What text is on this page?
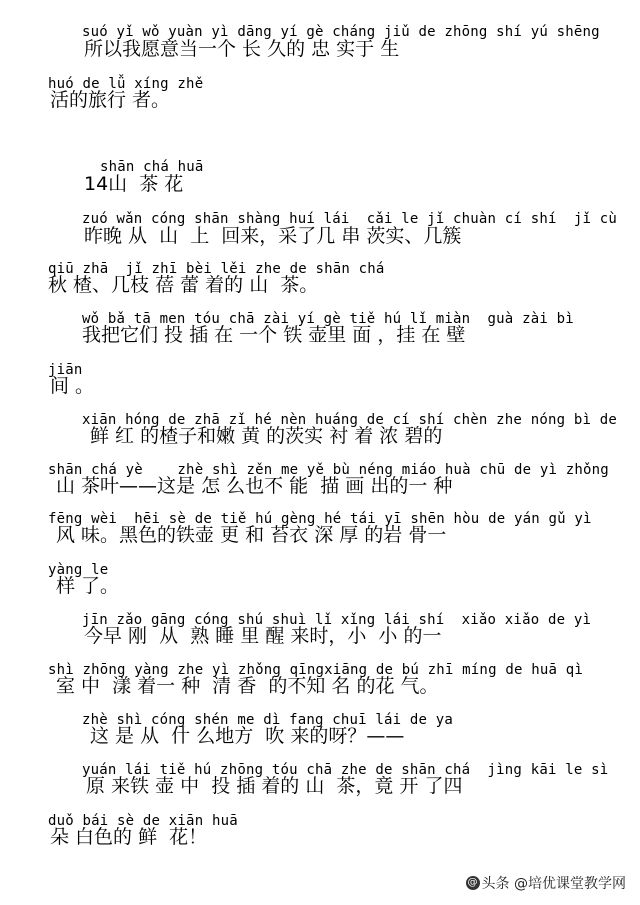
suó yǐ wǒ yuàn yì dāng yí gè cháng jiǔ de zhōng shí yú shēng
所以我愿意当一个 长 久的 忠 实于 生
huó de lǚ xíng zhě
活的旅行 者。
shān chá huā
14山  茶 花
zuó wǎn cóng shān shàng huí lái  cǎi le jǐ chuàn cí shí  jǐ cù
昨晚 从  山  上  回来，采了几 串 茨实、几簇
qiū zhā  jǐ zhī bèi lěi zhe de shān chá
秋 楂、几枝 蓓 蕾 着的 山  茶。
wǒ bǎ tā men tóu chā zài yí gè tiě hú lǐ miàn  guà zài bì
我把它们 投 插 在 一个 铁 壶里 面 ，挂 在 壁
jiān
间 。
xiān hóng de zhā zǐ hé nèn huáng de cí shí chèn zhe nóng bì de
鲜 红 的楂子和嫩 黄 的茨实 衬 着 浓 碧的
shān chá yè    zhè shì zěn me yě bù néng miáo huà chū de yì zhǒng
山 茶叶——这是 怎 么也不 能  描 画 出的一 种
fēng wèi  hēi sè de tiě hú gèng hé tái yī shēn hòu de yán gǔ yì
风 味。黑色的铁壶 更 和 苔衣 深 厚 的岩 骨一
yàng le
样 了。
jīn zǎo gāng cóng shú shuì lǐ xǐng lái shí  xiǎo xiǎo de yì
今早 刚  从  熟 睡 里 醒 来时，小  小 的一
shì zhōng yàng zhe yì zhǒng qīngxiāng de bú zhī míng de huā qì
室 中  漾 着一 种  清 香  的不知 名 的花 气。
zhè shì cóng shén me dì fang chuī lái de ya
这 是 从  什 么地方  吹 来的呀？——
yuán lái tiě hú zhōng tóu chā zhe de shān chá  jìng kāi le sì
原 来铁 壶 中  投 插 着的 山  茶，竟 开 了四
duǒ bái sè de xiān huā
朵 白色的 鲜  花！
@ 头条 @培优课堂教学网
